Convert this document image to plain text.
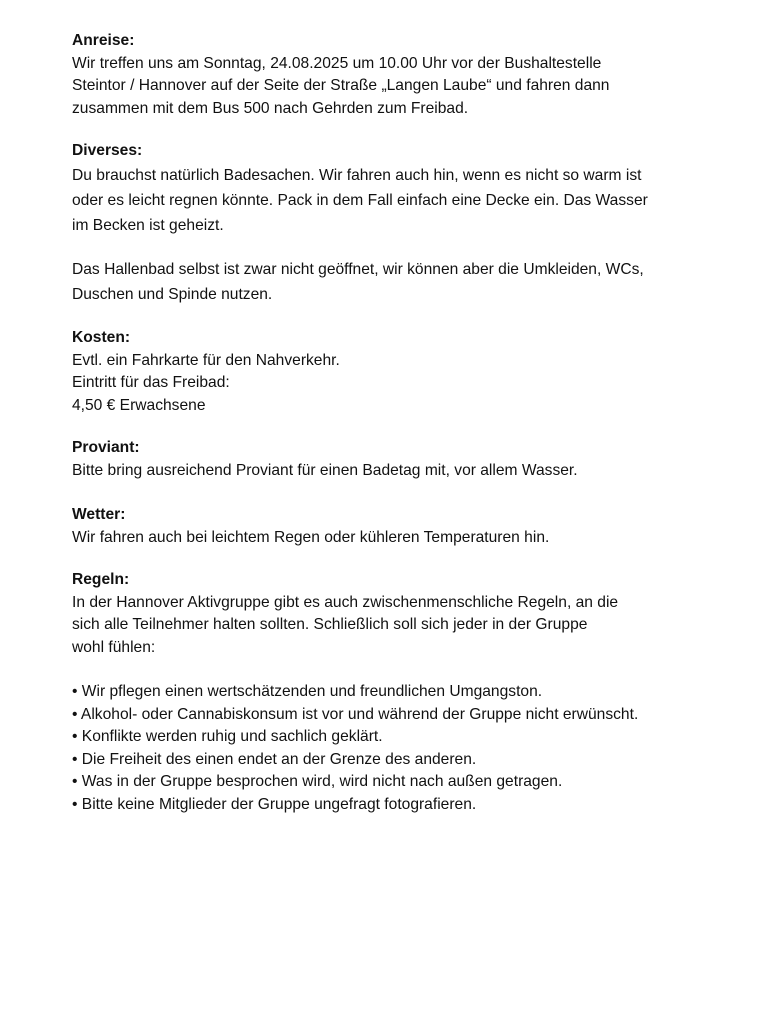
Anreise:
Wir treffen uns am Sonntag, 24.08.2025 um 10.00 Uhr vor der Bushaltestelle
Steintor / Hannover auf der Seite der Straße „Langen Laube“ und fahren dann
zusammen mit dem Bus 500 nach Gehrden zum Freibad.
Diverses:
Du brauchst natürlich Badesachen. Wir fahren auch hin, wenn es nicht so warm ist
oder es leicht regnen könnte. Pack in dem Fall einfach eine Decke ein. Das Wasser
im Becken ist geheizt.
Das Hallenbad selbst ist zwar nicht geöffnet, wir können aber die Umkleiden, WCs,
Duschen und Spinde nutzen.
Kosten:
Evtl. ein Fahrkarte für den Nahverkehr.
Eintritt für das Freibad:
4,50 € Erwachsene
Proviant:
Bitte bring ausreichend Proviant für einen Badetag mit, vor allem Wasser.
Wetter:
Wir fahren auch bei leichtem Regen oder kühleren Temperaturen hin.
Regeln:
In der Hannover Aktivgruppe gibt es auch zwischenmenschliche Regeln, an die
sich alle Teilnehmer halten sollten. Schließlich soll sich jeder in der Gruppe
wohl fühlen:
• Wir pflegen einen wertschätzenden und freundlichen Umgangston.
• Alkohol- oder Cannabiskonsum ist vor und während der Gruppe nicht erwünscht.
• Konflikte werden ruhig und sachlich geklärt.
• Die Freiheit des einen endet an der Grenze des anderen.
• Was in der Gruppe besprochen wird, wird nicht nach außen getragen.
• Bitte keine Mitglieder der Gruppe ungefragt fotografieren.
